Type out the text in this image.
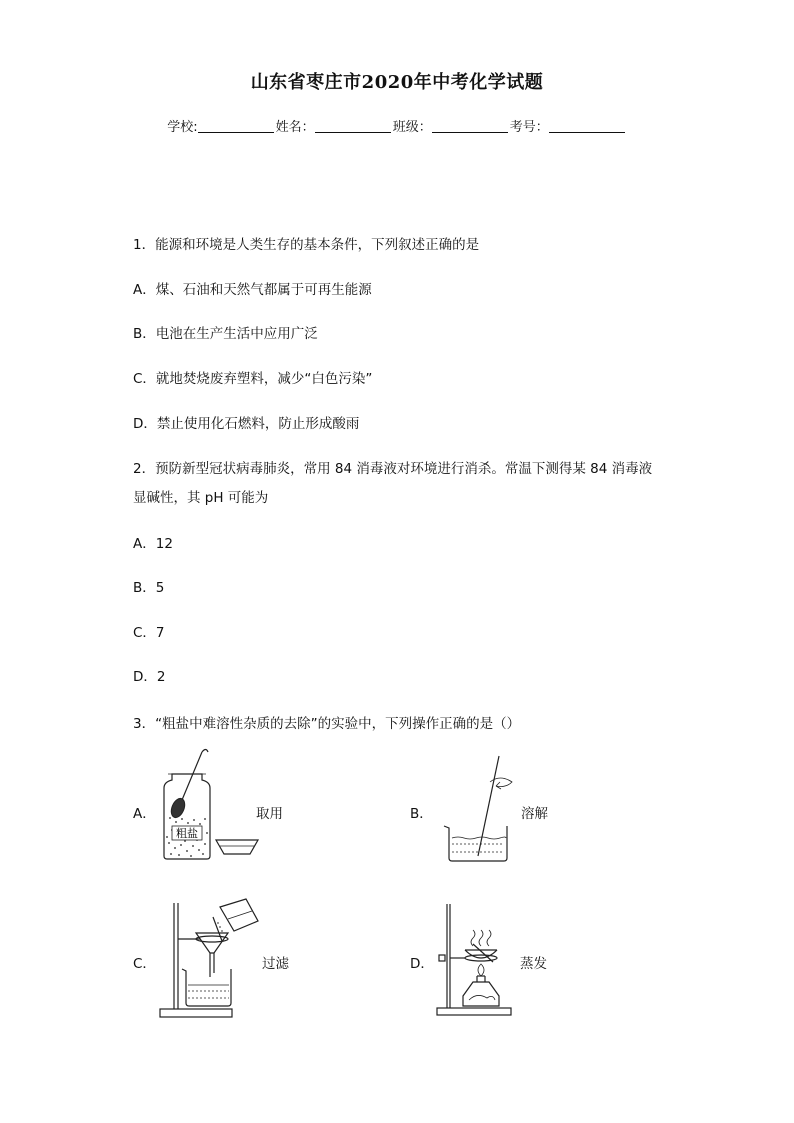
山东省枣庄市2020年中考化学试题
学校:	姓名：	班级：	考号：
1．能源和环境是人类生存的基本条件，下列叙述正确的是
A．煤、石油和天然气都属于可再生能源
B．电池在生产生活中应用广泛
C．就地焚烧废弃塑料，减少“白色污染”
D．禁止使用化石燃料，防止形成酸雨
2．预防新型冠状病毒肺炎，常用 84 消毒液对环境进行消杀。常温下测得某 84 消毒液
显碱性，其 pH 可能为
A．12
B．5
C．7
D．2
3．“粗盐中难溶性杂质的去除”的实验中，下列操作正确的是（）
A．
粗盐
取用	B．	溶解
C．	过滤	D．	蒸发
